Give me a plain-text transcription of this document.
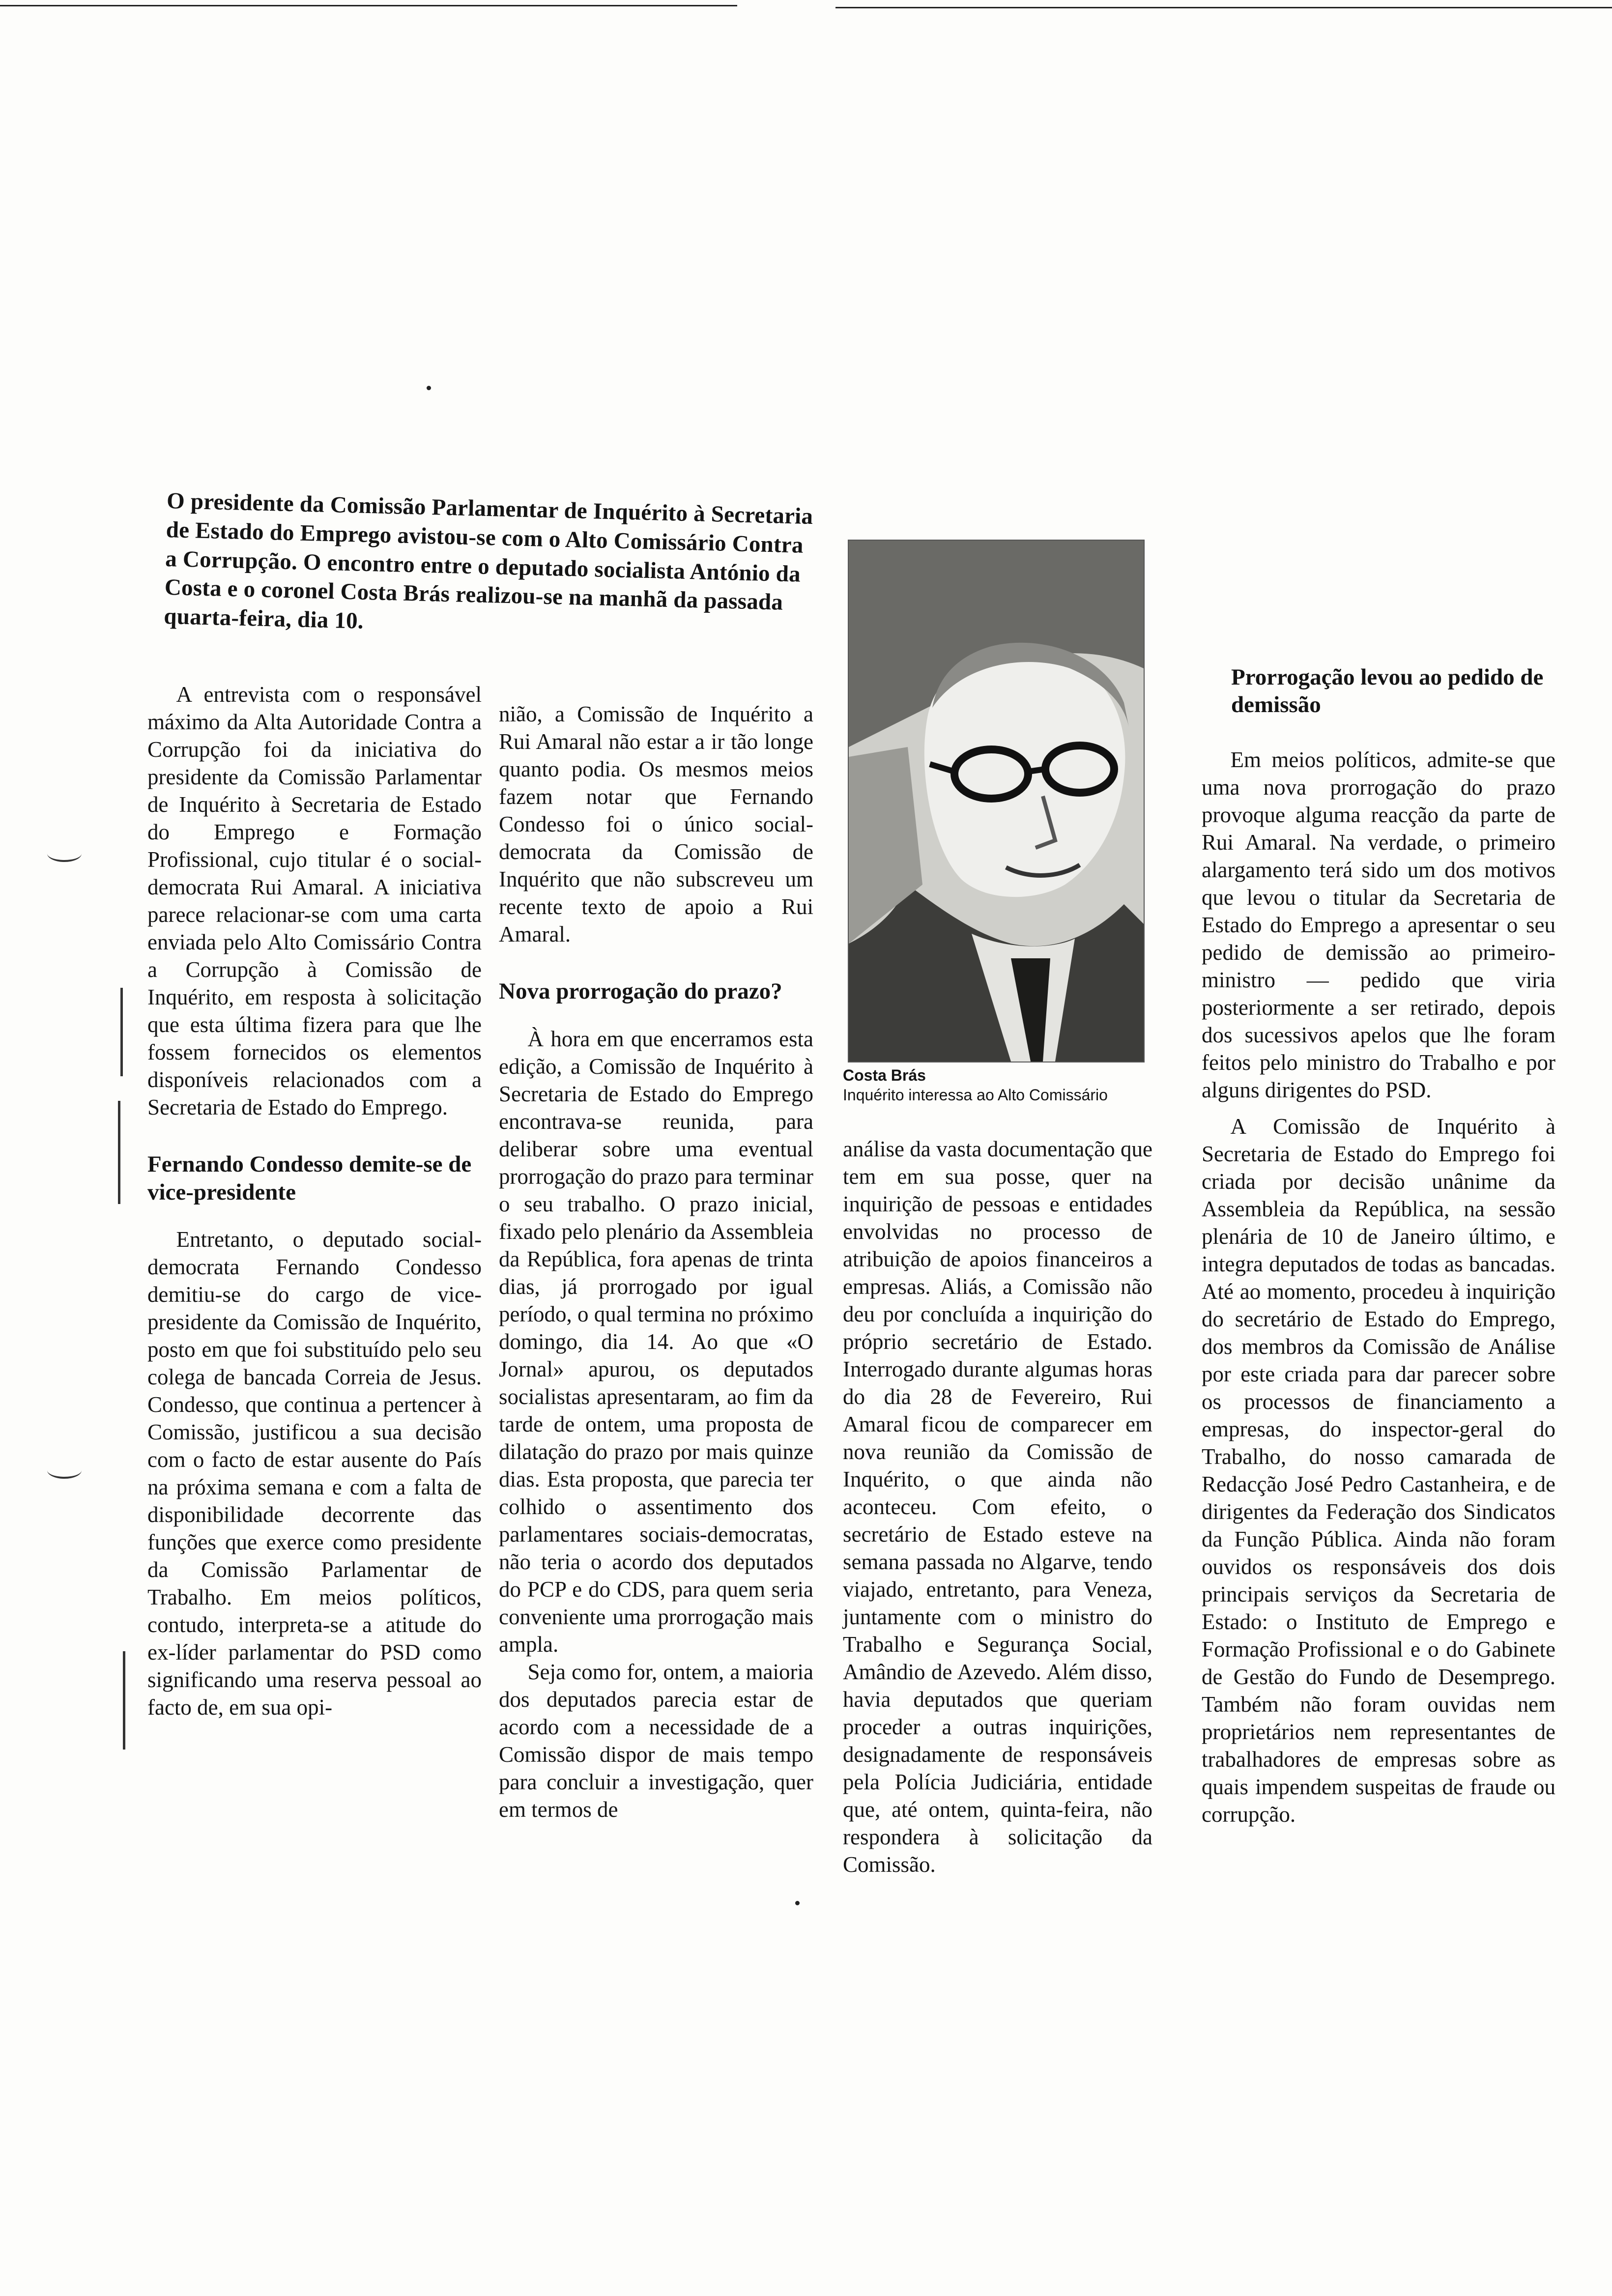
O presidente da Comissão Parlamentar de Inquérito à Secretaria de Estado do Emprego avistou-se com o Alto Comissário Contra a Corrupção. O encontro entre o deputado socialista António da Costa e o coronel Costa Brás realizou-se na manhã da passada quarta-feira, dia 10.

A entrevista com o responsável máximo da Alta Autoridade Contra a Corrupção foi da iniciativa do presidente da Comissão Parlamentar de Inquérito à Secretaria de Estado do Emprego e Formação Profissional, cujo titular é o social-democrata Rui Amaral. A iniciativa parece relacionar-se com uma carta enviada pelo Alto Comissário Contra a Corrupção à Comissão de Inquérito, em resposta à solicitação que esta última fizera para que lhe fossem fornecidos os elementos disponíveis relacionados com a Secretaria de Estado do Emprego.

Fernando Condesso demite-se de vice-presidente

Entretanto, o deputado social-democrata Fernando Condesso demitiu-se do cargo de vice-presidente da Comissão de Inquérito, posto em que foi substituído pelo seu colega de bancada Correia de Jesus. Condesso, que continua a pertencer à Comissão, justificou a sua decisão com o facto de estar ausente do País na próxima semana e com a falta de disponibilidade decorrente das funções que exerce como presidente da Comissão Parlamentar de Trabalho. Em meios políticos, contudo, interpreta-se a atitude do ex-líder parlamentar do PSD como significando uma reserva pessoal ao facto de, em sua opi-

nião, a Comissão de Inquérito a Rui Amaral não estar a ir tão longe quanto podia. Os mesmos meios fazem notar que Fernando Condesso foi o único social-democrata da Comissão de Inquérito que não subscreveu um recente texto de apoio a Rui Amaral.

Nova prorrogação do prazo?

À hora em que encerramos esta edição, a Comissão de Inquérito à Secretaria de Estado do Emprego encontrava-se reunida, para deliberar sobre uma eventual prorrogação do prazo para terminar o seu trabalho. O prazo inicial, fixado pelo plenário da Assembleia da República, fora apenas de trinta dias, já prorrogado por igual período, o qual termina no próximo domingo, dia 14. Ao que «O Jornal» apurou, os deputados socialistas apresentaram, ao fim da tarde de ontem, uma proposta de dilatação do prazo por mais quinze dias. Esta proposta, que parecia ter colhido o assentimento dos parlamentares sociais-democratas, não teria o acordo dos deputados do PCP e do CDS, para quem seria conveniente uma prorrogação mais ampla.

Seja como for, ontem, a maioria dos deputados parecia estar de acordo com a necessidade de a Comissão dispor de mais tempo para concluir a investigação, quer em termos de

Costa Brás
Inquérito interessa ao Alto Comissário

análise da vasta documentação que tem em sua posse, quer na inquirição de pessoas e entidades envolvidas no processo de atribuição de apoios financeiros a empresas. Aliás, a Comissão não deu por concluída a inquirição do próprio secretário de Estado. Interrogado durante algumas horas do dia 28 de Fevereiro, Rui Amaral ficou de comparecer em nova reunião da Comissão de Inquérito, o que ainda não aconteceu. Com efeito, o secretário de Estado esteve na semana passada no Algarve, tendo viajado, entretanto, para Veneza, juntamente com o ministro do Trabalho e Segurança Social, Amândio de Azevedo. Além disso, havia deputados que queriam proceder a outras inquirições, designadamente de responsáveis pela Polícia Judiciária, entidade que, até ontem, quinta-feira, não respondera à solicitação da Comissão.

Prorrogação levou ao pedido de demissão

Em meios políticos, admite-se que uma nova prorrogação do prazo provoque alguma reacção da parte de Rui Amaral. Na verdade, o primeiro alargamento terá sido um dos motivos que levou o titular da Secretaria de Estado do Emprego a apresentar o seu pedido de demissão ao primeiro-ministro — pedido que viria posteriormente a ser retirado, depois dos sucessivos apelos que lhe foram feitos pelo ministro do Trabalho e por alguns dirigentes do PSD.

A Comissão de Inquérito à Secretaria de Estado do Emprego foi criada por decisão unânime da Assembleia da República, na sessão plenária de 10 de Janeiro último, e integra deputados de todas as bancadas. Até ao momento, procedeu à inquirição do secretário de Estado do Emprego, dos membros da Comissão de Análise por este criada para dar parecer sobre os processos de financiamento a empresas, do inspector-geral do Trabalho, do nosso camarada de Redacção José Pedro Castanheira, e de dirigentes da Federação dos Sindicatos da Função Pública. Ainda não foram ouvidos os responsáveis dos dois principais serviços da Secretaria de Estado: o Instituto de Emprego e Formação Profissional e o do Gabinete de Gestão do Fundo de Desemprego. Também não foram ouvidas nem proprietários nem representantes de trabalhadores de empresas sobre as quais impendem suspeitas de fraude ou corrupção.
